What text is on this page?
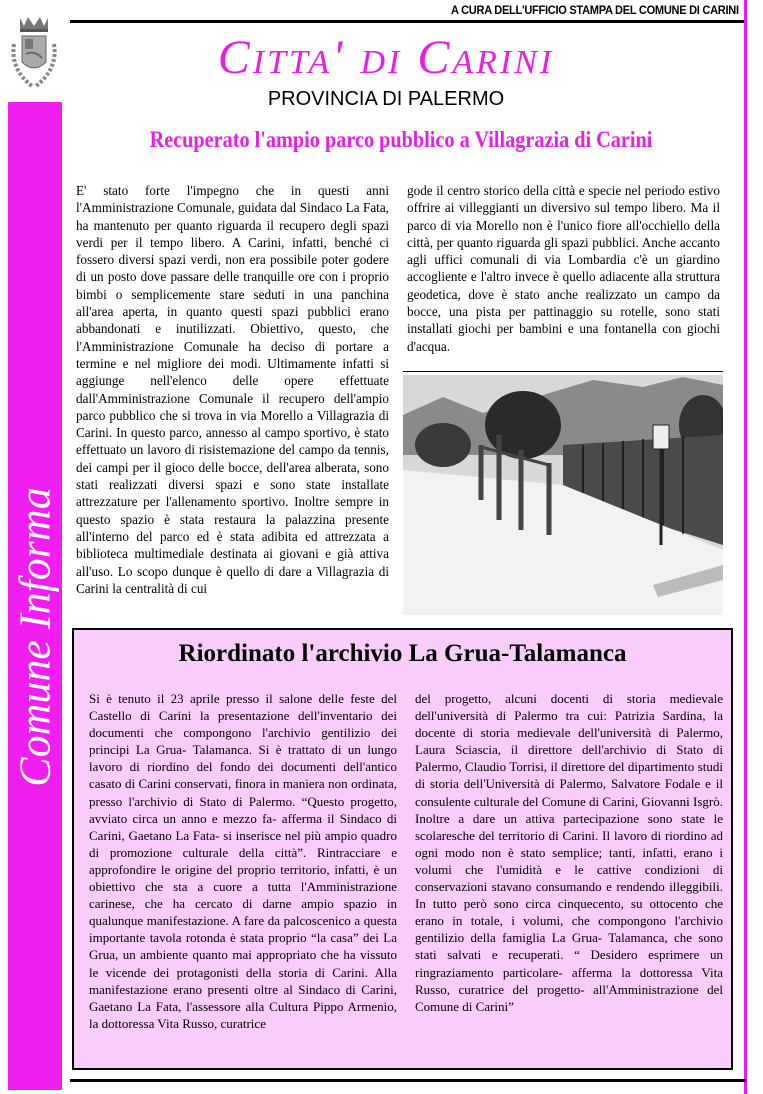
A CURA DELL'UFFICIO STAMPA DEL COMUNE DI CARINI
Comune Informa
Citta' di Carini
PROVINCIA DI PALERMO
Recuperato l'ampio parco pubblico a Villagrazia di Carini
E' stato forte l'impegno che in questi anni l'Amministrazione Comunale, guidata dal Sindaco La Fata, ha mantenuto per quanto riguarda il recupero degli spazi verdi per il tempo libero. A Carini, infatti, benché ci fossero diversi spazi verdi, non era possibile poter godere di un posto dove passare delle tranquille ore con i proprio bimbi o semplicemente stare seduti in una panchina all'area aperta, in quanto questi spazi pubblici erano abbandonati e inutilizzati. Obiettivo, questo, che l'Amministrazione Comunale ha deciso di portare a termine e nel migliore dei modi. Ultimamente infatti si aggiunge nell'elenco delle opere effettuate dall'Amministrazione Comunale il recupero dell'ampio parco pubblico che si trova in via Morello a Villagrazia di Carini. In questo parco, annesso al campo sportivo, è stato effettuato un lavoro di risistemazione del campo da tennis, dei campi per il gioco delle bocce, dell'area alberata, sono stati realizzati diversi spazi e sono state installate attrezzature per l'allenamento sportivo. Inoltre sempre in questo spazio è stata restaura la palazzina presente all'interno del parco ed è stata adibita ed attrezzata a biblioteca multimediale destinata ai giovani e già attiva all'uso. Lo scopo dunque è quello di dare a Villagrazia di Carini la centralità di cui
gode il centro storico della città e specie nel periodo estivo offrire ai villeggianti un diversivo sul tempo libero. Ma il parco di via Morello non è l'unico fiore all'occhiello della città, per quanto riguarda gli spazi pubblici. Anche accanto agli uffici comunali di via Lombardia c'è un giardino accogliente e l'altro invece è quello adiacente alla struttura geodetica, dove è stato anche realizzato un campo da bocce, una pista per pattinaggio su rotelle, sono stati installati giochi per bambini e una fontanella con giochi d'acqua.
Riordinato l'archivio La Grua-Talamanca
Si è tenuto il 23 aprile presso il salone delle feste del Castello di Carini la presentazione dell'inventario dei documenti che compongono l'archivio gentilizio dei principi La Grua- Talamanca. Si è trattato di un lungo lavoro di riordino del fondo dei documenti dell'antico casato di Carini conservati, finora in maniera non ordinata, presso l'archivio di Stato di Palermo. “Questo progetto, avviato circa un anno e mezzo fa- afferma il Sindaco di Carini, Gaetano La Fata- si inserisce nel più ampio quadro di promozione culturale della città”. Rintracciare e approfondire le origine del proprio territorio, infatti, è un obiettivo che sta a cuore a tutta l'Amministrazione carinese, che ha cercato di darne ampio spazio in qualunque manifestazione. A fare da palcoscenico a questa importante tavola rotonda è stata proprio “la casa” dei La Grua, un ambiente quanto mai appropriato che ha vissuto le vicende dei protagonisti della storia di Carini. Alla manifestazione erano presenti oltre al Sindaco di Carini, Gaetano La Fata, l'assessore alla Cultura Pippo Armenio, la dottoressa Vita Russo, curatrice
del progetto, alcuni docenti di storia medievale dell'università di Palermo tra cui: Patrizia Sardina, la docente di storia medievale dell'università di Palermo, Laura Sciascia, il direttore dell'archivio di Stato di Palermo, Claudio Torrisi, il direttore del dipartimento studi di storia dell'Università di Palermo, Salvatore Fodale e il consulente culturale del Comune di Carini, Giovanni Isgrò. Inoltre a dare un attiva partecipazione sono state le scolaresche del territorio di Carini. Il lavoro di riordino ad ogni modo non è stato semplice; tanti, infatti, erano i volumi che l'umidità e le cattive condizioni di conservazioni stavano consumando e rendendo illeggibili. In tutto però sono circa cinquecento, su ottocento che erano in totale, i volumi, che compongono l'archivio gentilizio della famiglia La Grua- Talamanca, che sono stati salvati e recuperati. “ Desidero esprimere un ringraziamento particolare- afferma la dottoressa Vita Russo, curatrice del progetto- all'Amministrazione del Comune di Carini”
